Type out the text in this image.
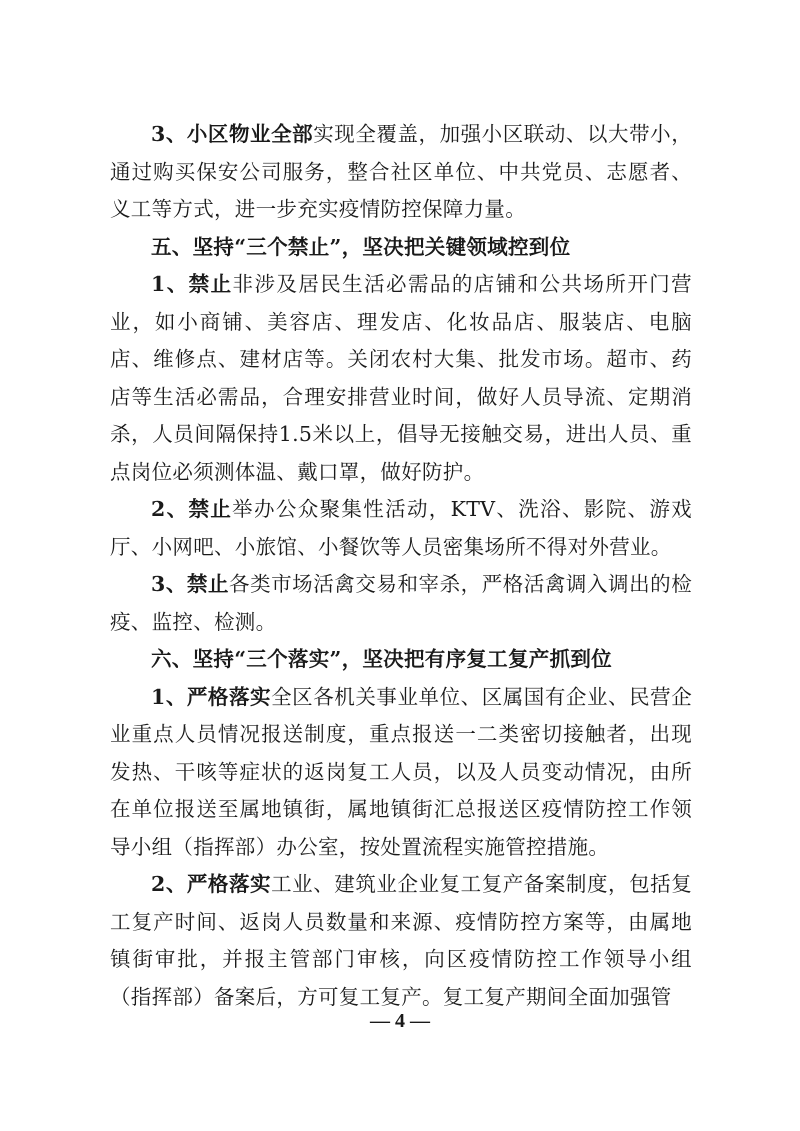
3、小区物业全部实现全覆盖，加强小区联动、以大带小，通过购买保安公司服务，整合社区单位、中共党员、志愿者、义工等方式，进一步充实疫情防控保障力量。

五、坚持“三个禁止”，坚决把关键领域控到位

1、禁止非涉及居民生活必需品的店铺和公共场所开门营业，如小商铺、美容店、理发店、化妆品店、服装店、电脑店、维修点、建材店等。关闭农村大集、批发市场。超市、药店等生活必需品，合理安排营业时间，做好人员导流、定期消杀，人员间隔保持1.5米以上，倡导无接触交易，进出人员、重点岗位必须测体温、戴口罩，做好防护。

2、禁止举办公众聚集性活动，KTV、洗浴、影院、游戏厅、小网吧、小旅馆、小餐饮等人员密集场所不得对外营业。

3、禁止各类市场活禽交易和宰杀，严格活禽调入调出的检疫、监控、检测。

六、坚持“三个落实”，坚决把有序复工复产抓到位

1、严格落实全区各机关事业单位、区属国有企业、民营企业重点人员情况报送制度，重点报送一二类密切接触者，出现发热、干咳等症状的返岗复工人员，以及人员变动情况，由所在单位报送至属地镇街，属地镇街汇总报送区疫情防控工作领导小组（指挥部）办公室，按处置流程实施管控措施。

2、严格落实工业、建筑业企业复工复产备案制度，包括复工复产时间、返岗人员数量和来源、疫情防控方案等，由属地镇街审批，并报主管部门审核，向区疫情防控工作领导小组（指挥部）备案后，方可复工复产。复工复产期间全面加强管

— 4 —
